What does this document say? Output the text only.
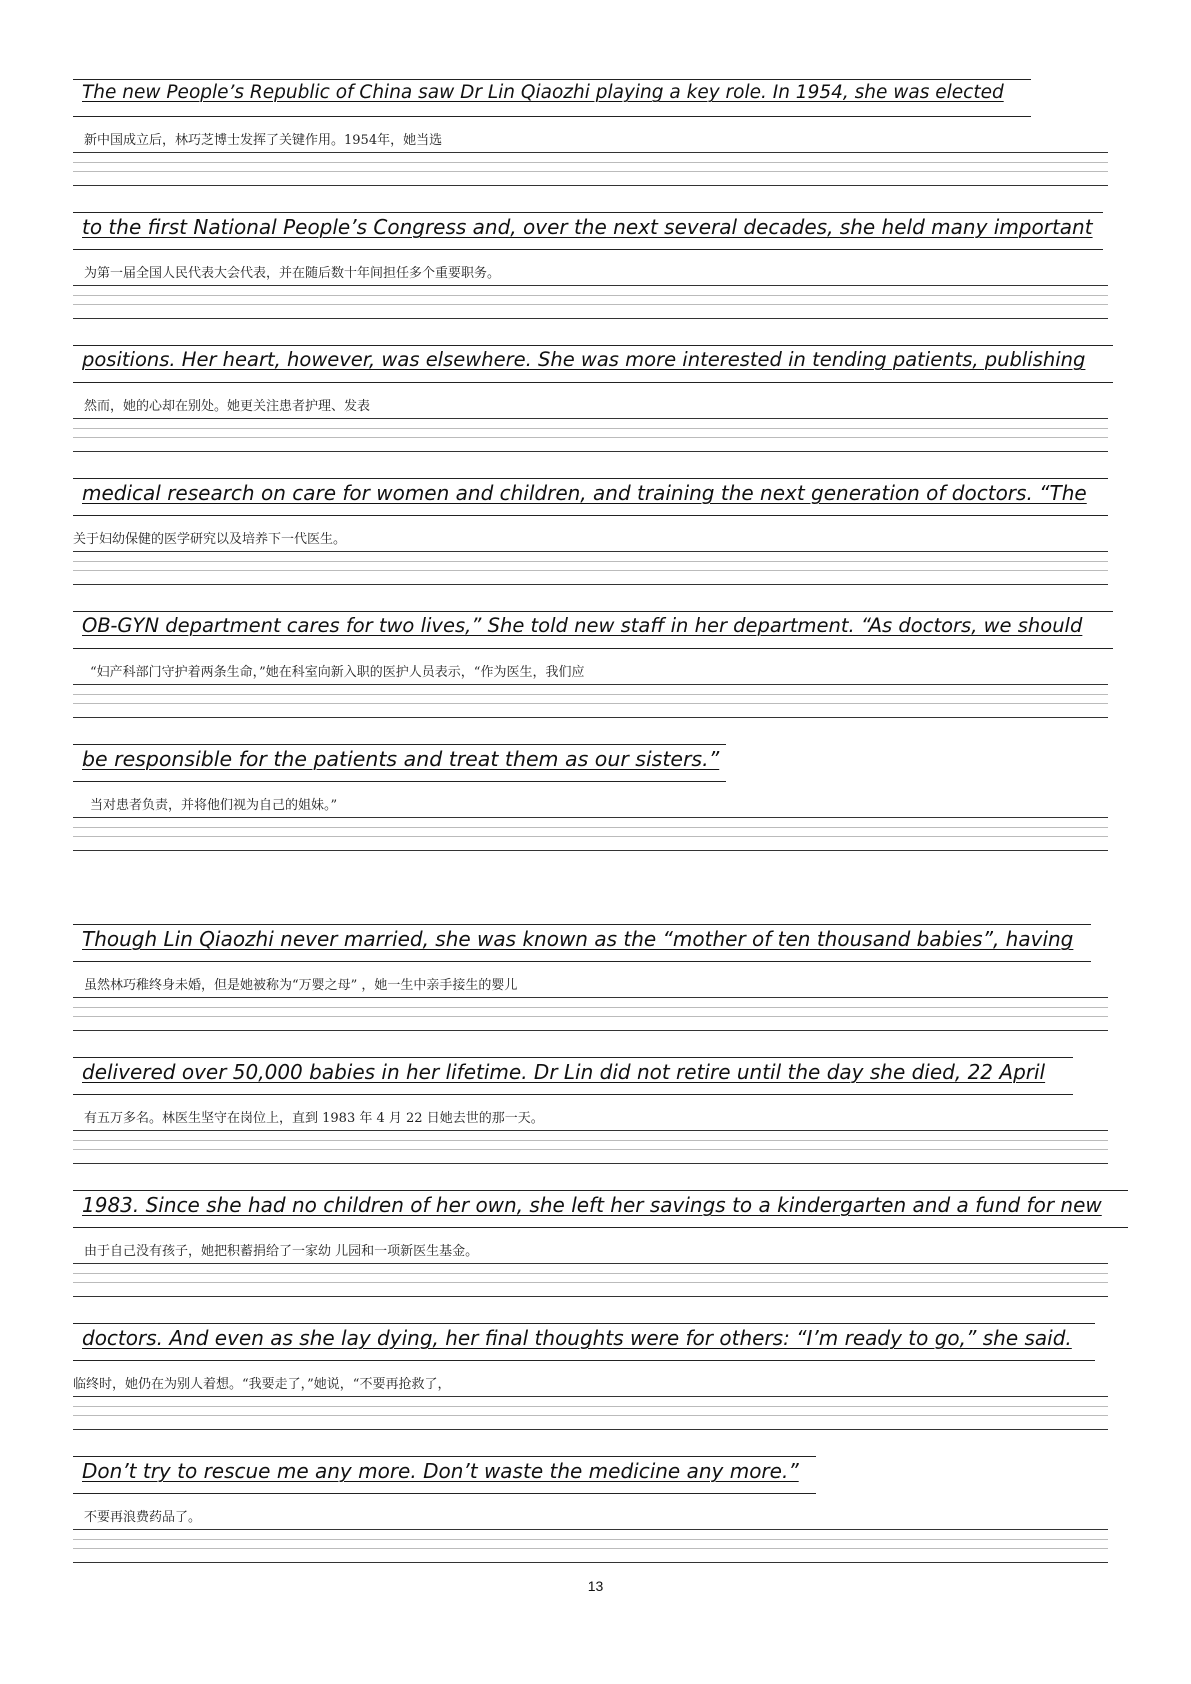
The new People’s Republic of China saw Dr Lin Qiaozhi playing a key role. In 1954, she was elected
新中国成立后，林巧芝博士发挥了关键作用。1954年，她当选
to the first National People’s Congress and, over the next several decades, she held many important
为第一届全国人民代表大会代表，并在随后数十年间担任多个重要职务。
positions. Her heart, however, was elsewhere. She was more interested in tending patients, publishing
然而，她的心却在别处。她更关注患者护理、发表
medical research on care for women and children, and training the next generation of doctors. “The
关于妇幼保健的医学研究以及培养下一代医生。
OB-GYN department cares for two lives,” She told new staff in her department. “As doctors, we should
“妇产科部门守护着两条生命，”她在科室向新入职的医护人员表示，“作为医生，我们应
be responsible for the patients and treat them as our sisters.”
当对患者负责，并将他们视为自己的姐妹。”
Though Lin Qiaozhi never married, she was known as the “mother of ten thousand babies”, having
虽然林巧稚终身未婚，但是她被称为“万婴之母” ，她一生中亲手接生的婴儿
delivered over 50,000 babies in her lifetime. Dr Lin did not retire until the day she died, 22 April
有五万多名。林医生坚守在岗位上，直到 1983 年 4 月 22 日她去世的那一天。
1983. Since she had no children of her own, she left her savings to a kindergarten and a fund for new
由于自己没有孩子，她把积蓄捐给了一家幼 儿园和一项新医生基金。
doctors. And even as she lay dying, her final thoughts were for others: “I’m ready to go,” she said.
临终时，她仍在为别人着想。“我要走了，”她说，“不要再抢救了，
Don’t try to rescue me any more. Don’t waste the medicine any more.”
不要再浪费药品了。
13
